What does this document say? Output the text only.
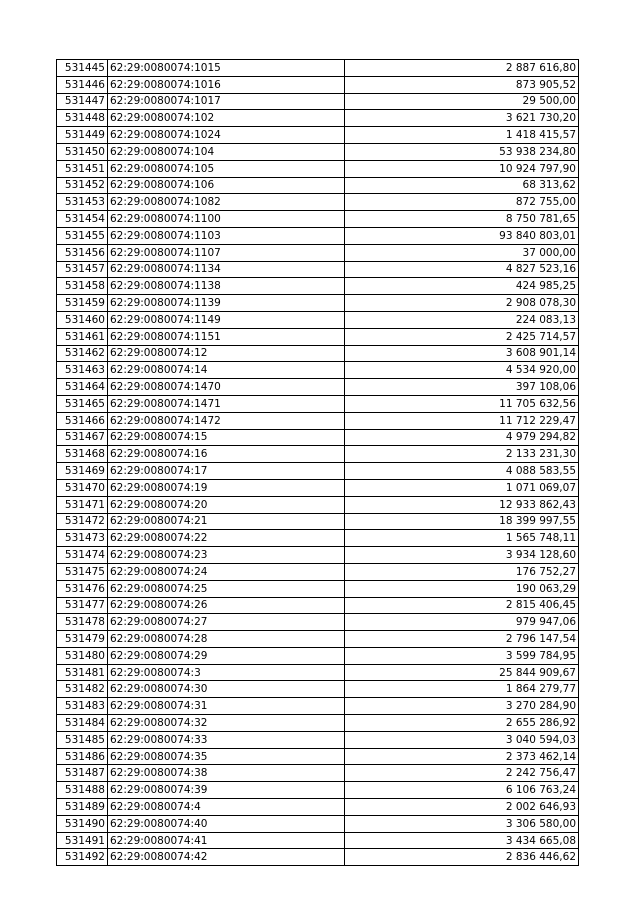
531445	62:29:0080074:1015	2 887 616,80
531446	62:29:0080074:1016	873 905,52
531447	62:29:0080074:1017	29 500,00
531448	62:29:0080074:102	3 621 730,20
531449	62:29:0080074:1024	1 418 415,57
531450	62:29:0080074:104	53 938 234,80
531451	62:29:0080074:105	10 924 797,90
531452	62:29:0080074:106	68 313,62
531453	62:29:0080074:1082	872 755,00
531454	62:29:0080074:1100	8 750 781,65
531455	62:29:0080074:1103	93 840 803,01
531456	62:29:0080074:1107	37 000,00
531457	62:29:0080074:1134	4 827 523,16
531458	62:29:0080074:1138	424 985,25
531459	62:29:0080074:1139	2 908 078,30
531460	62:29:0080074:1149	224 083,13
531461	62:29:0080074:1151	2 425 714,57
531462	62:29:0080074:12	3 608 901,14
531463	62:29:0080074:14	4 534 920,00
531464	62:29:0080074:1470	397 108,06
531465	62:29:0080074:1471	11 705 632,56
531466	62:29:0080074:1472	11 712 229,47
531467	62:29:0080074:15	4 979 294,82
531468	62:29:0080074:16	2 133 231,30
531469	62:29:0080074:17	4 088 583,55
531470	62:29:0080074:19	1 071 069,07
531471	62:29:0080074:20	12 933 862,43
531472	62:29:0080074:21	18 399 997,55
531473	62:29:0080074:22	1 565 748,11
531474	62:29:0080074:23	3 934 128,60
531475	62:29:0080074:24	176 752,27
531476	62:29:0080074:25	190 063,29
531477	62:29:0080074:26	2 815 406,45
531478	62:29:0080074:27	979 947,06
531479	62:29:0080074:28	2 796 147,54
531480	62:29:0080074:29	3 599 784,95
531481	62:29:0080074:3	25 844 909,67
531482	62:29:0080074:30	1 864 279,77
531483	62:29:0080074:31	3 270 284,90
531484	62:29:0080074:32	2 655 286,92
531485	62:29:0080074:33	3 040 594,03
531486	62:29:0080074:35	2 373 462,14
531487	62:29:0080074:38	2 242 756,47
531488	62:29:0080074:39	6 106 763,24
531489	62:29:0080074:4	2 002 646,93
531490	62:29:0080074:40	3 306 580,00
531491	62:29:0080074:41	3 434 665,08
531492	62:29:0080074:42	2 836 446,62
